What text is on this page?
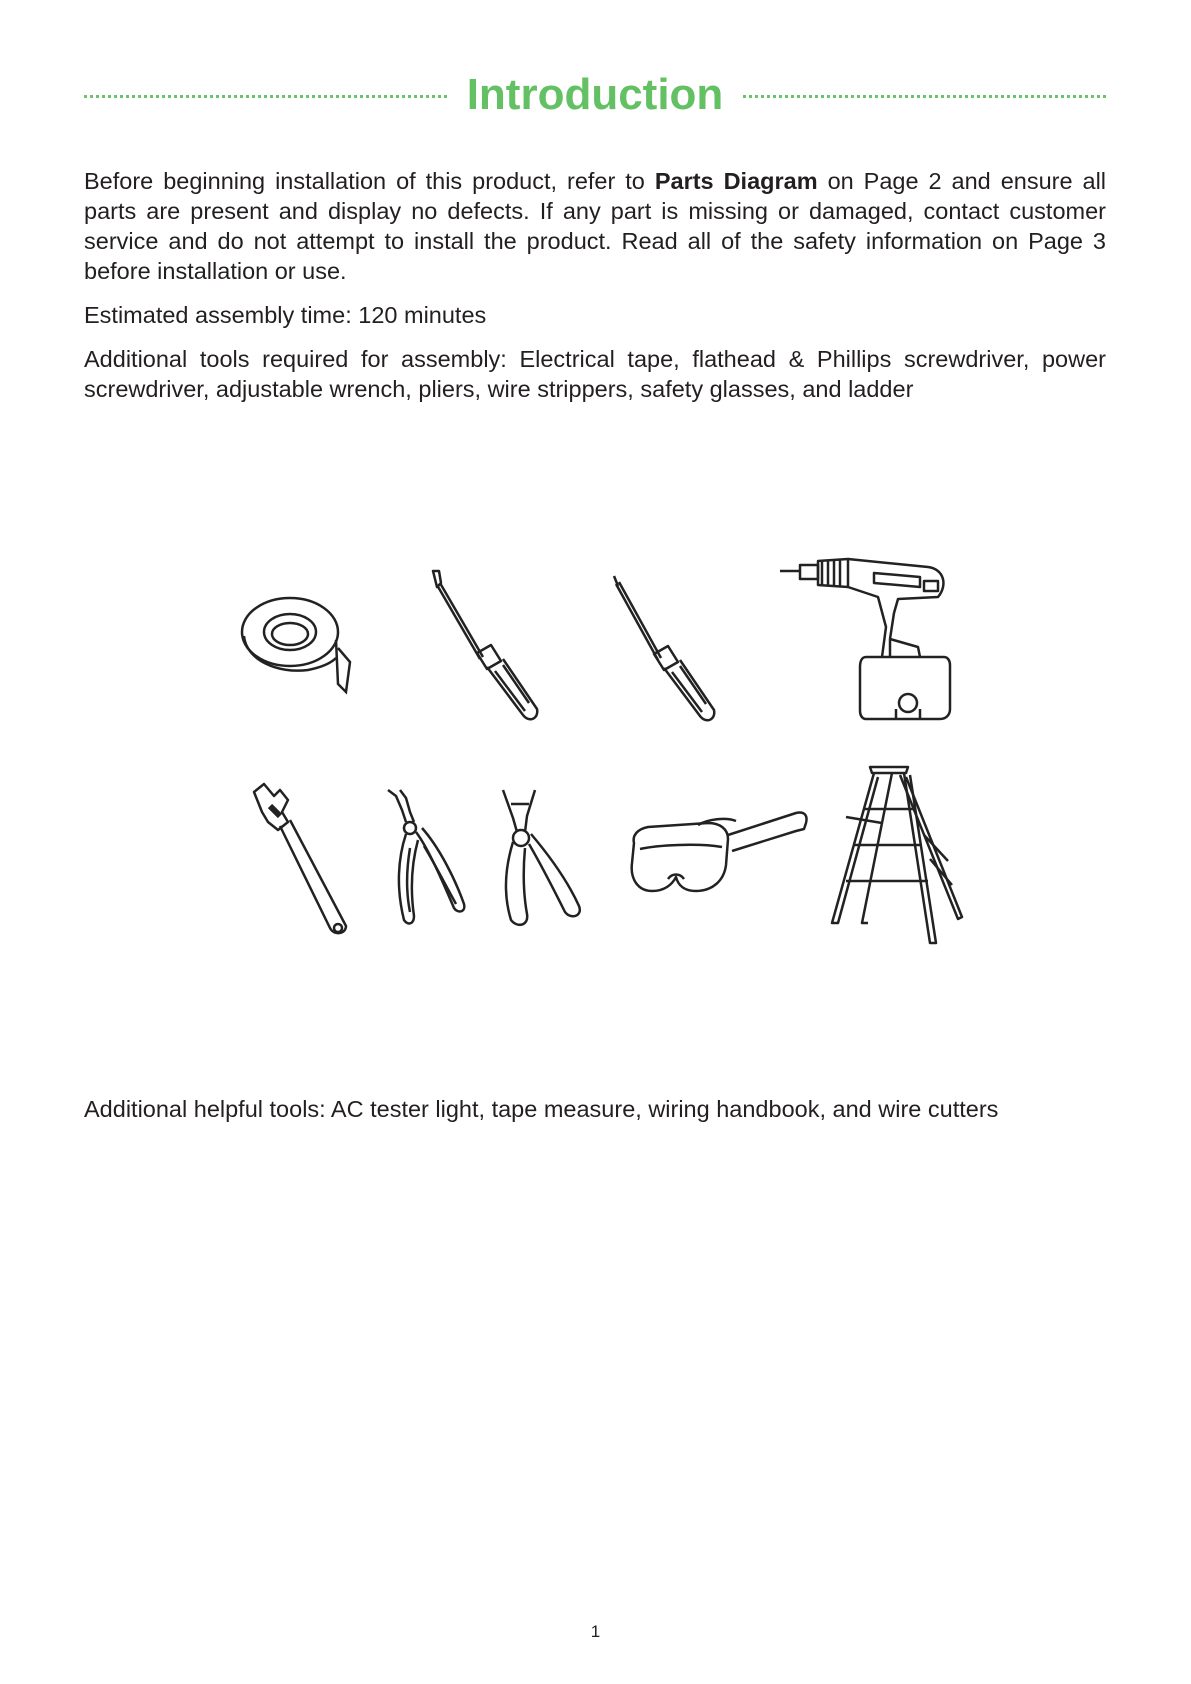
Introduction

Before beginning installation of this product, refer to Parts Diagram on Page 2 and ensure all parts are present and display no defects. If any part is missing or damaged, contact customer service and do not attempt to install the product. Read all of the safety information on Page 3 before installation or use.

Estimated assembly time: 120 minutes

Additional tools required for assembly: Electrical tape, flathead & Phillips screwdriver, power screwdriver, adjustable wrench, pliers, wire strippers, safety glasses, and ladder

Additional helpful tools: AC tester light, tape measure, wiring handbook, and wire cutters

1
